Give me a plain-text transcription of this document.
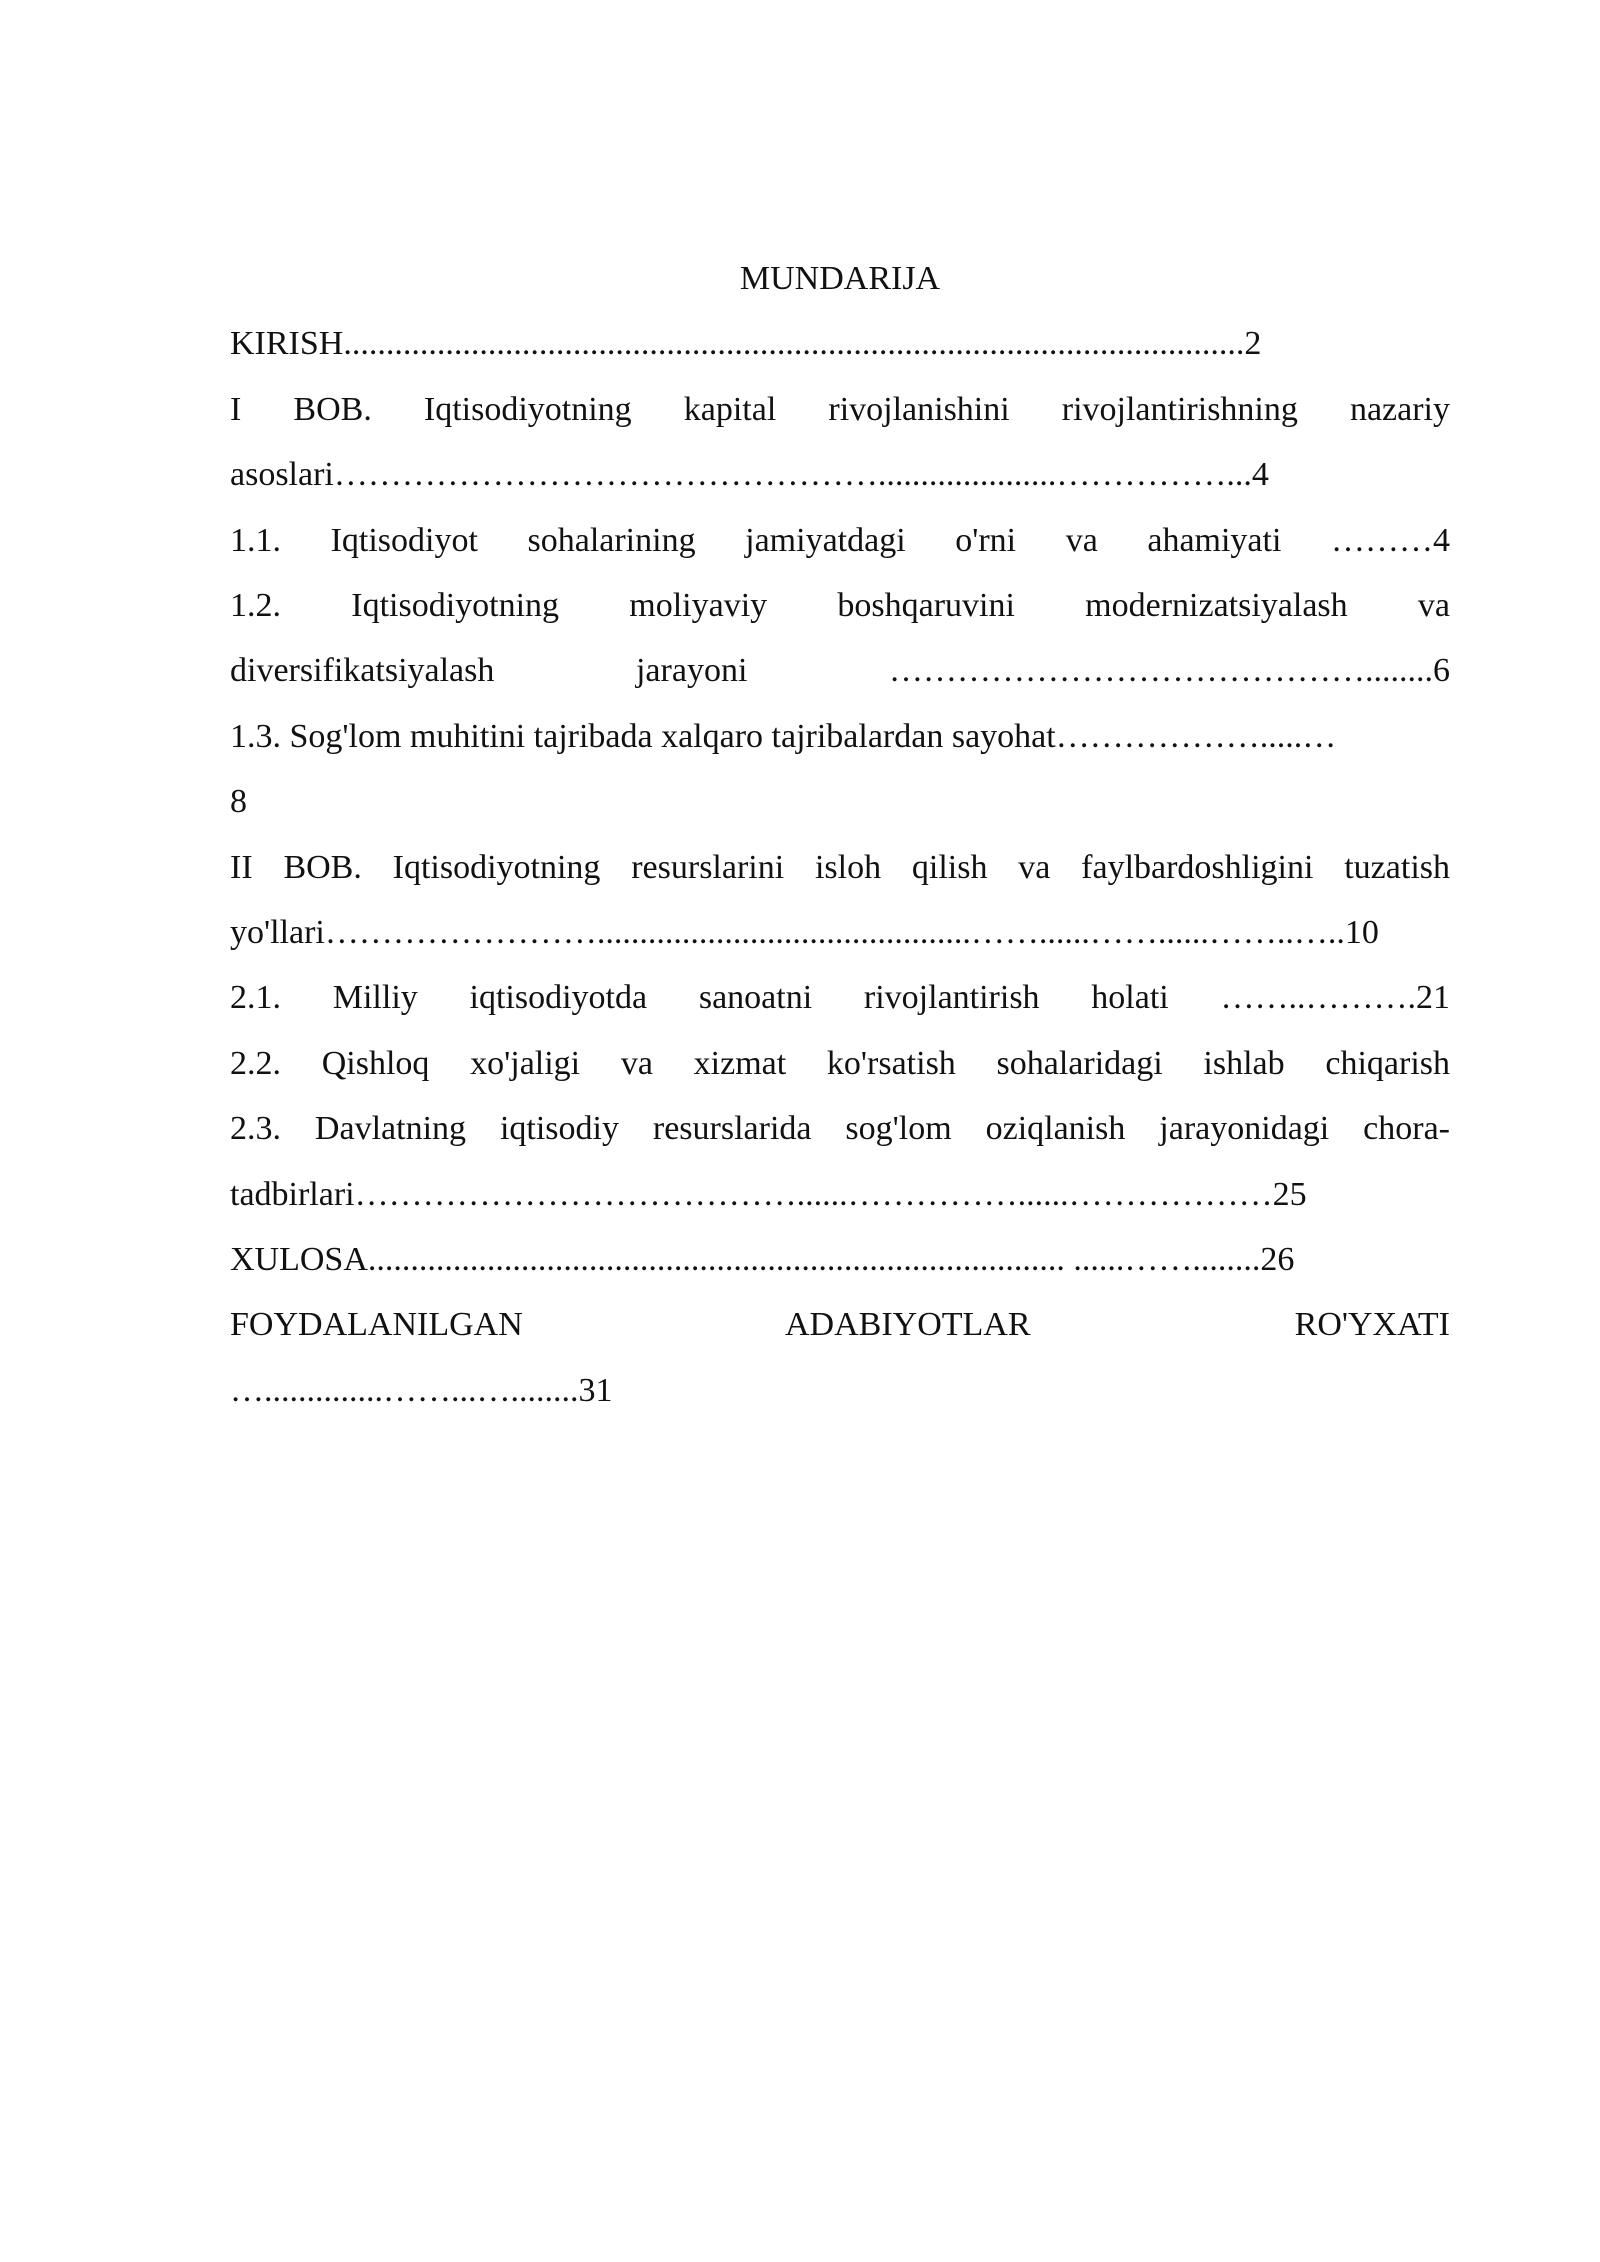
MUNDARIJA
KIRISH..........................................................................................................2
I BOB. Iqtisodiyotning kapital rivojlanishini rivojlantirishning nazariy
asoslari………………………………………….....................……………...4
1.1. Iqtisodiyot sohalarining jamiyatdagi o'rni va ahamiyati ………4
1.2. Iqtisodiyotning moliyaviy boshqaruvini modernizatsiyalash va
diversifikatsiyalash jarayoni ……………………………………........6
1.3. Sog'lom muhitini tajribada xalqaro tajribalardan sayohat……………….....…
8
II BOB. Iqtisodiyotning resurslarini isloh qilish va faylbardoshligini tuzatish
yo'llari……………………............................................……......……......……..…..10
2.1. Milliy iqtisodiyotda sanoatni rivojlantirish holati ……..……….21
2.2. Qishloq xo'jaligi va xizmat ko'rsatish sohalaridagi ishlab chiqarish
2.3. Davlatning iqtisodiy resurslarida sog'lom oziqlanish jarayonidagi chora-
tadbirlari…………………………………......……………......………………25
XULOSA.................................................................................. ......……........26
FOYDALANILGAN ADABIYOTLAR RO'YXATI
…..............……...…........31
